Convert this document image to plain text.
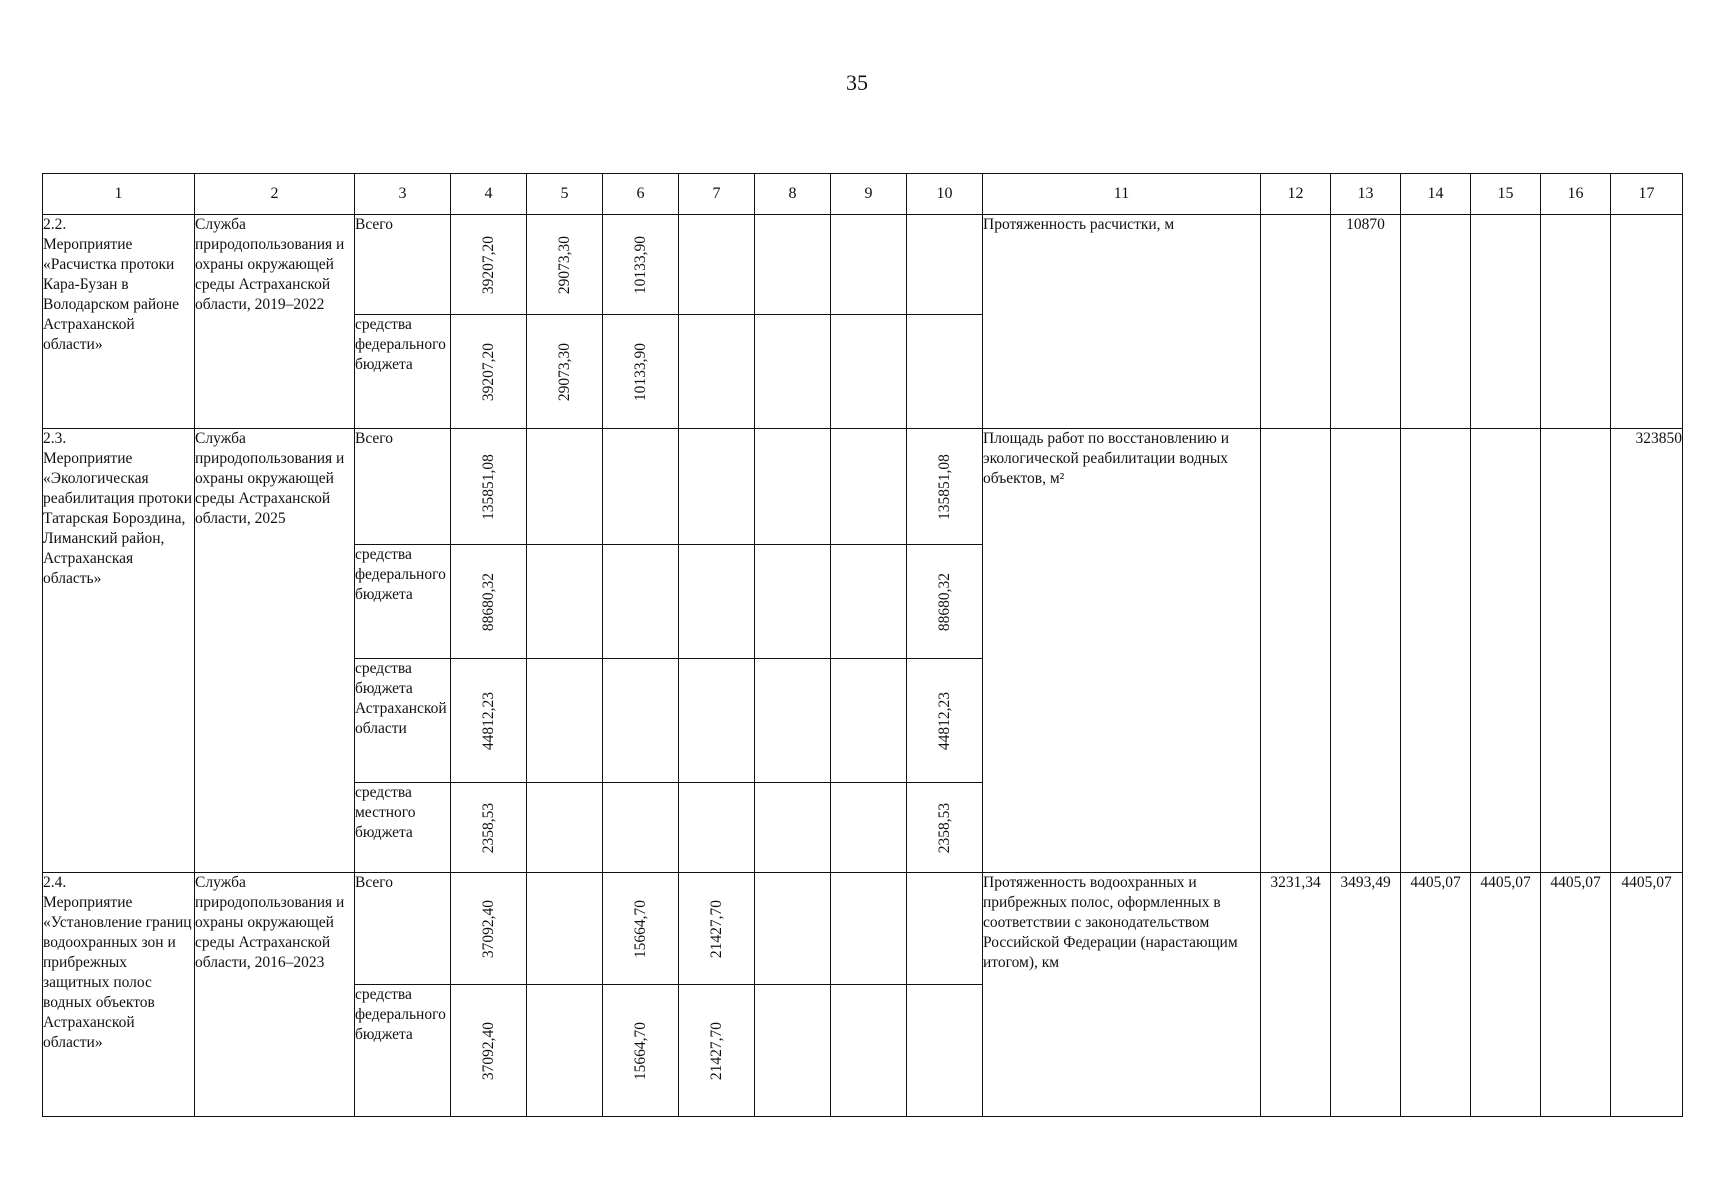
35
1	2	3	4	5	6	7	8	9	10	11	12	13	14	15	16	17
2.2.
Мероприятие
«Расчистка протоки Кара-Бузан в Володарском районе Астраханской области»	Служба природопользования и охраны окружающей среды Астраханской области, 2019–2022	Всего	39207,20	29073,30	10133,90					Протяженность расчистки, м		10870				
		средства федерального бюджета	39207,20	29073,30	10133,90											

2.3.
Мероприятие
«Экологическая реабилитация протоки Татарская Бороздина, Лиманский район, Астраханская область»	Служба природопользования и охраны окружающей среды Астраханской области, 2025	Всего	135851,08						135851,08	Площадь работ по восстановлению и экологической реабилитации водных объектов, м²						323850
		средства федерального бюджета	88680,32						88680,32							

		средства бюджета Астраханской области	44812,23						44812,23							

		средства местного бюджета	2358,53						2358,53							

2.4.
Мероприятие
«Установление границ водоохранных зон и прибрежных защитных полос водных объектов Астраханской области»	Служба природопользования и охраны окружающей среды Астраханской области, 2016–2023	Всего	37092,40		15664,70	21427,70				Протяженность водоохранных и прибрежных полос, оформленных в соответствии с законодательством Российской Федерации (нарастающим итогом), км	3231,34	3493,49	4405,07	4405,07	4405,07	4405,07
		средства федерального бюджета	37092,40		15664,70	21427,70										
